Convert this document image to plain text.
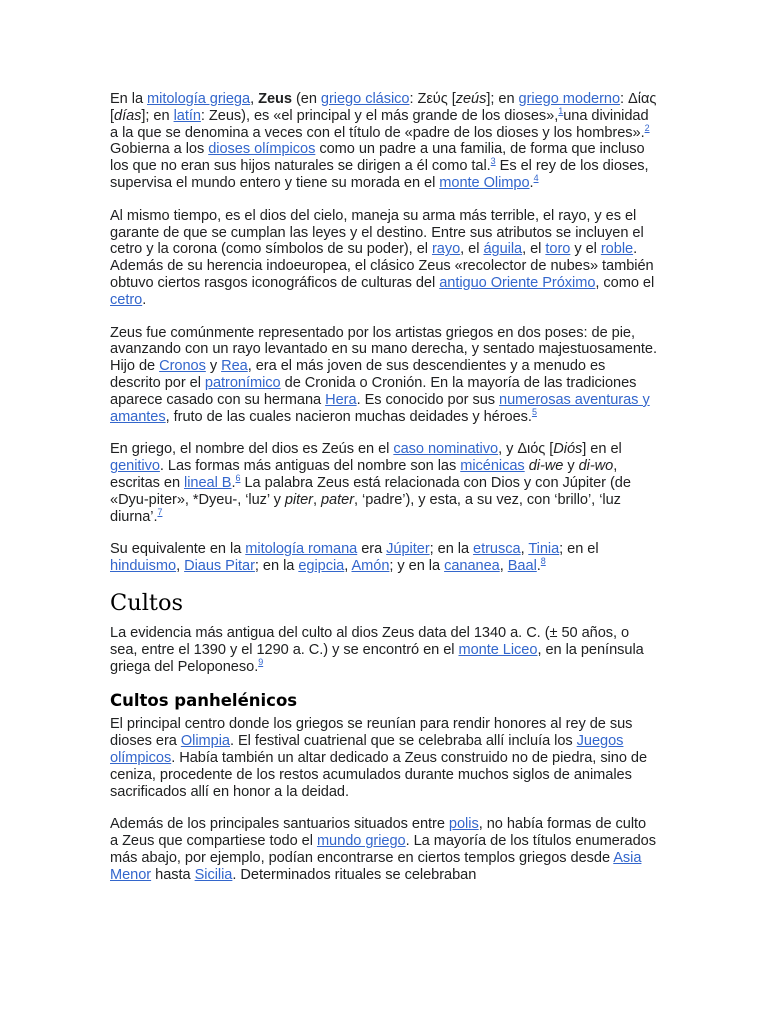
En la mitología griega, Zeus (en griego clásico: Ζεύς [zeús]; en griego moderno: Δίας [días]; en latín: Zeus), es «el principal y el más grande de los dioses»,$^1$una divinidad a la que se denomina a veces con el título de «padre de los dioses y los hombres».$^2$ Gobierna a los dioses olímpicos como un padre a una familia, de forma que incluso los que no eran sus hijos naturales se dirigen a él como tal.$^3$ Es el rey de los dioses, supervisa el mundo entero y tiene su morada en el monte Olimpo.$^4$

Al mismo tiempo, es el dios del cielo, maneja su arma más terrible, el rayo, y es el garante de que se cumplan las leyes y el destino. Entre sus atributos se incluyen el cetro y la corona (como símbolos de su poder), el rayo, el águila, el toro y el roble. Además de su herencia indoeuropea, el clásico Zeus «recolector de nubes» también obtuvo ciertos rasgos iconográficos de culturas del antiguo Oriente Próximo, como el cetro.

Zeus fue comúnmente representado por los artistas griegos en dos poses: de pie, avanzando con un rayo levantado en su mano derecha, y sentado majestuosamente. Hijo de Cronos y Rea, era el más joven de sus descendientes y a menudo es descrito por el patronímico de Cronida o Cronión. En la mayoría de las tradiciones aparece casado con su hermana Hera. Es conocido por sus numerosas aventuras y amantes, fruto de las cuales nacieron muchas deidades y héroes.$^5$

En griego, el nombre del dios es Zeús en el caso nominativo, y Διός [Diós] en el genitivo. Las formas más antiguas del nombre son las micénicas di-we y di-wo, escritas en lineal B.$^6$ La palabra Zeus está relacionada con Dios y con Júpiter (de «Dyu-piter», *Dyeu-, ‘luz’ y piter, pater, ‘padre’), y esta, a su vez, con ‘brillo’, ‘luz diurna’.$^7$

Su equivalente en la mitología romana era Júpiter; en la etrusca, Tinia; en el hinduismo, Diaus Pitar; en la egipcia, Amón; y en la cananea, Baal.$^8$

Cultos

La evidencia más antigua del culto al dios Zeus data del 1340 a. C. (± 50 años, o sea, entre el 1390 y el 1290 a. C.) y se encontró en el monte Liceo, en la península griega del Peloponeso.$^9$

Cultos panhelénicos

El principal centro donde los griegos se reunían para rendir honores al rey de sus dioses era Olimpia. El festival cuatrienal que se celebraba allí incluía los Juegos olímpicos. Había también un altar dedicado a Zeus construido no de piedra, sino de ceniza, procedente de los restos acumulados durante muchos siglos de animales sacrificados allí en honor a la deidad.

Además de los principales santuarios situados entre polis, no había formas de culto a Zeus que compartiese todo el mundo griego. La mayoría de los títulos enumerados más abajo, por ejemplo, podían encontrarse en ciertos templos griegos desde Asia Menor hasta Sicilia. Determinados rituales se celebraban
